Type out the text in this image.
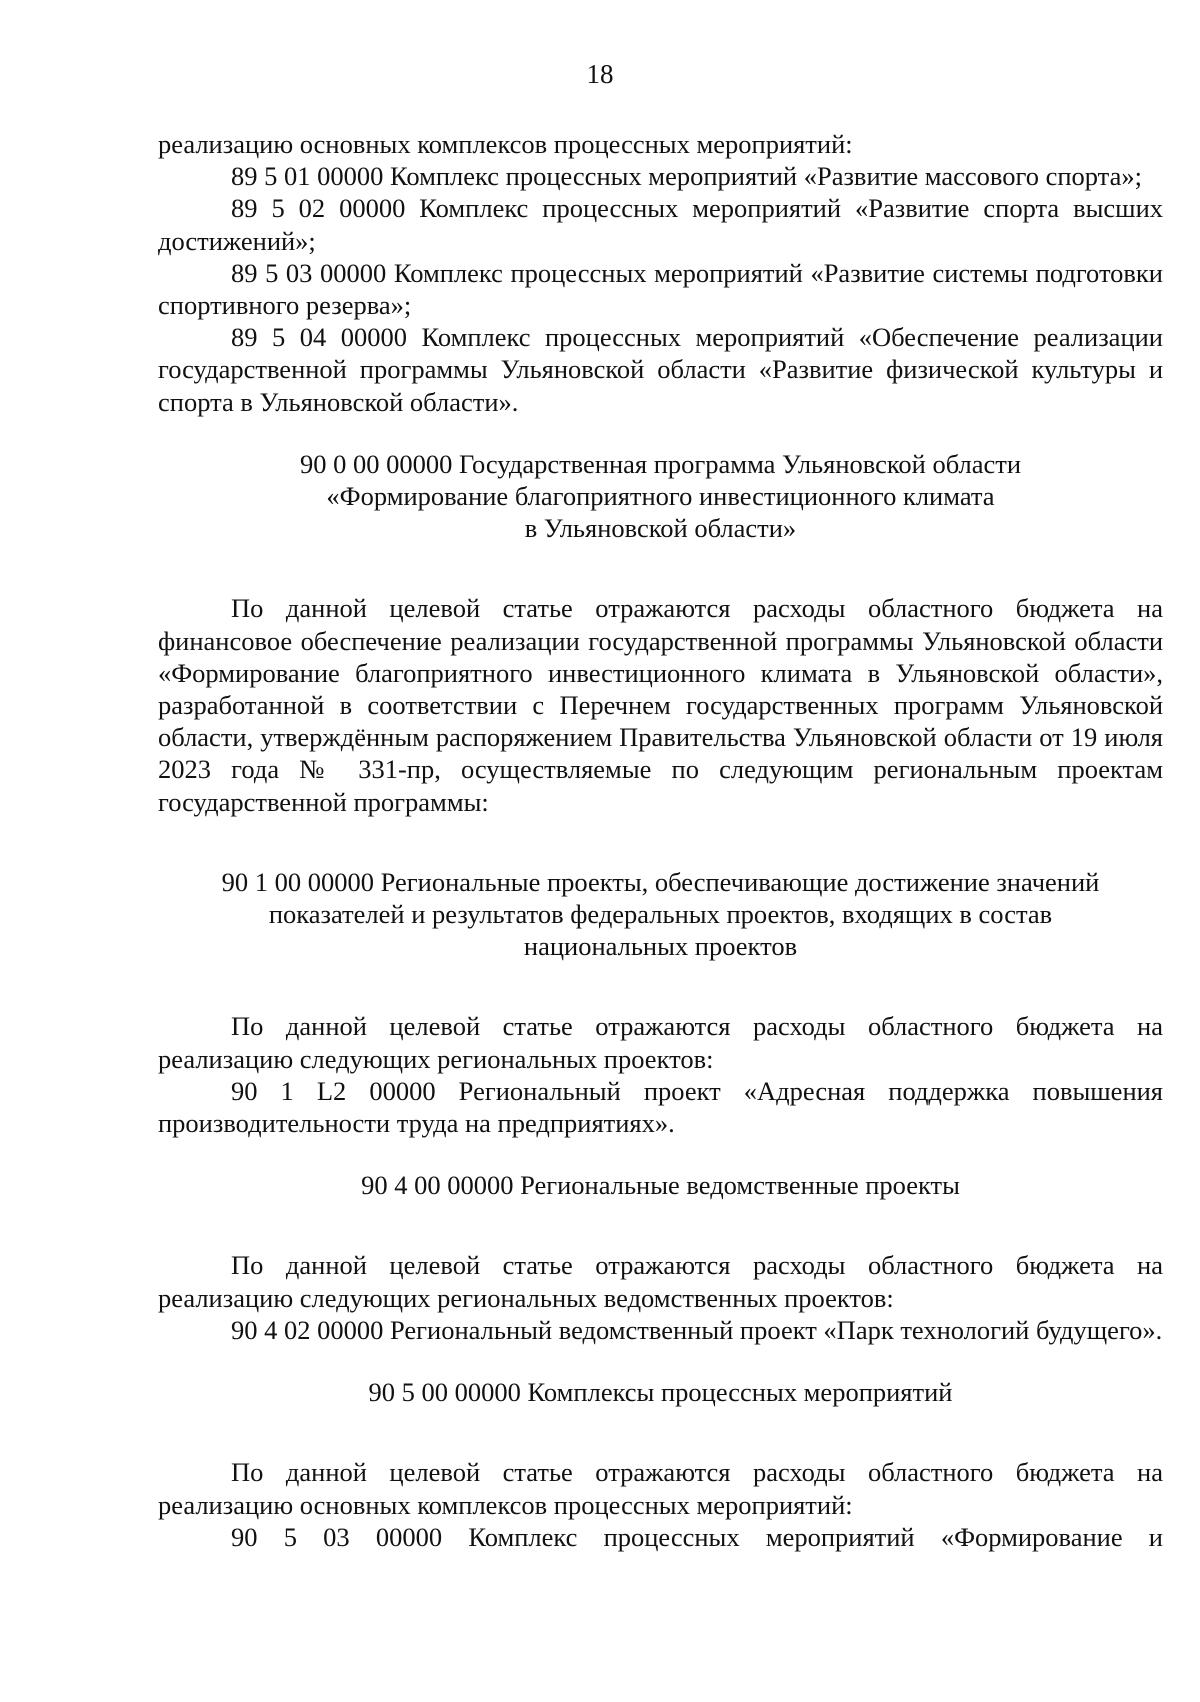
18

реализацию основных комплексов процессных мероприятий:

89 5 01 00000 Комплекс процессных мероприятий «Развитие массового спорта»;

89 5 02 00000 Комплекс процессных мероприятий «Развитие спорта высших достижений»;

89 5 03 00000 Комплекс процессных мероприятий «Развитие системы подготовки спортивного резерва»;

89 5 04 00000 Комплекс процессных мероприятий «Обеспечение реализации государственной программы Ульяновской области «Развитие физической культуры и спорта в Ульяновской области».

90 0 00 00000 Государственная программа Ульяновской области

«Формирование благоприятного инвестиционного климата

в Ульяновской области»

По данной целевой статье отражаются расходы областного бюджета на финансовое обеспечение реализации государственной программы Ульяновской области «Формирование благоприятного инвестиционного климата в Ульяновской области», разработанной в соответствии с Перечнем государственных программ Ульяновской области, утверждённым распоряжением Правительства Ульяновской области от 19 июля 2023 года № 331-пр, осуществляемые по следующим региональным проектам государственной программы:

90 1 00 00000 Региональные проекты, обеспечивающие достижение значений

показателей и результатов федеральных проектов, входящих в состав

национальных проектов

По данной целевой статье отражаются расходы областного бюджета на реализацию следующих региональных проектов:

90 1 L2 00000 Региональный проект «Адресная поддержка повышения производительности труда на предприятиях».

90 4 00 00000 Региональные ведомственные проекты

По данной целевой статье отражаются расходы областного бюджета на реализацию следующих региональных ведомственных проектов:

90 4 02 00000 Региональный ведомственный проект «Парк технологий будущего».

90 5 00 00000 Комплексы процессных мероприятий

По данной целевой статье отражаются расходы областного бюджета на реализацию основных комплексов процессных мероприятий:

90 5 03 00000 Комплекс процессных мероприятий «Формирование и
